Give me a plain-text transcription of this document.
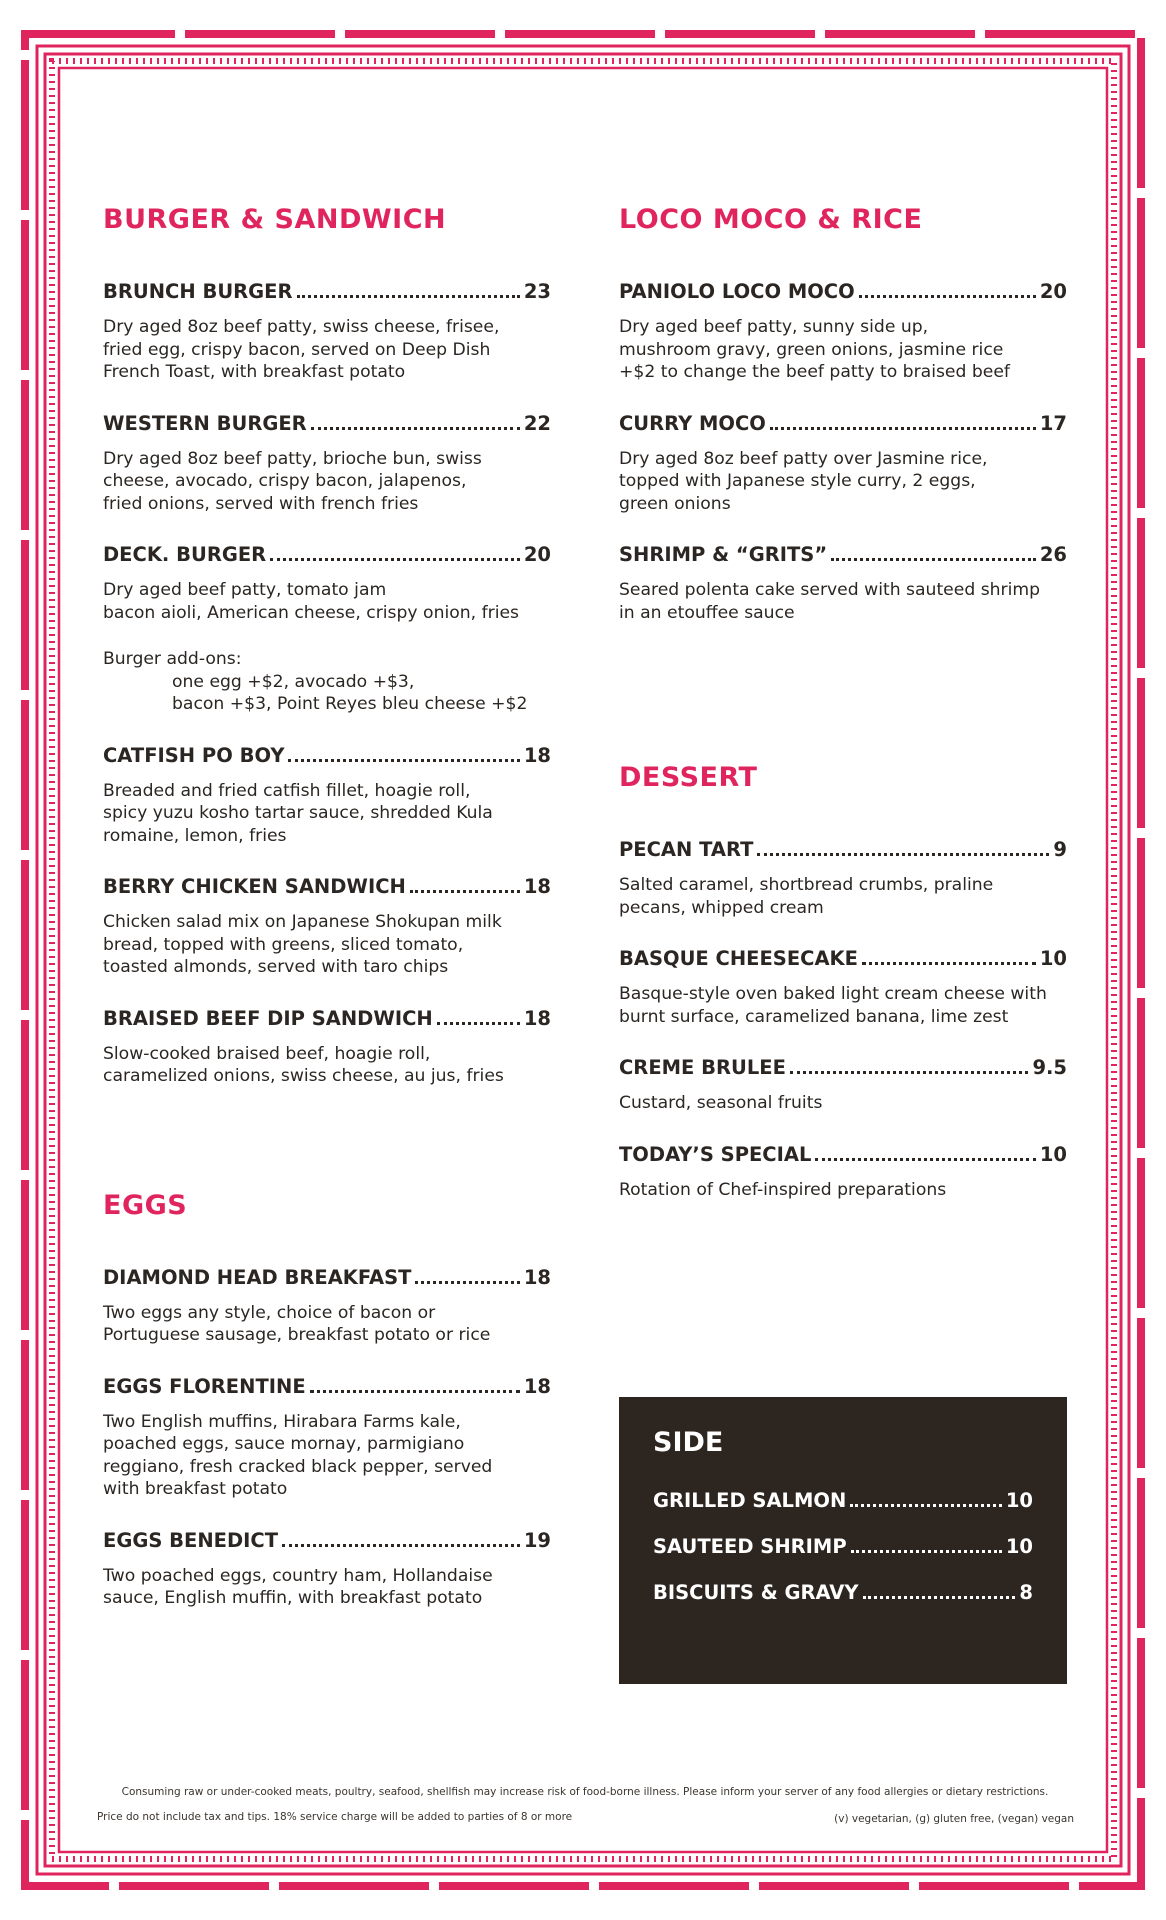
BURGER & SANDWICH
BRUNCH BURGER	23
Dry aged 8oz beef patty, swiss cheese, frisee,
fried egg, crispy bacon, served on Deep Dish
French Toast, with breakfast potato
WESTERN BURGER	22
Dry aged 8oz beef patty, brioche bun, swiss
cheese, avocado, crispy bacon, jalapenos,
fried onions, served with french fries
DECK. BURGER	20
Dry aged beef patty, tomato jam
bacon aioli, American cheese, crispy onion, fries
Burger add-ons:
one egg +$2, avocado +$3,
bacon +$3, Point Reyes bleu cheese +$2
CATFISH PO BOY	18
Breaded and fried catfish fillet, hoagie roll,
spicy yuzu kosho tartar sauce, shredded Kula
romaine, lemon, fries
BERRY CHICKEN SANDWICH	18
Chicken salad mix on Japanese Shokupan milk
bread, topped with greens, sliced tomato,
toasted almonds, served with taro chips
BRAISED BEEF DIP SANDWICH	18
Slow-cooked braised beef, hoagie roll,
caramelized onions, swiss cheese, au jus, fries
EGGS
DIAMOND HEAD BREAKFAST	18
Two eggs any style, choice of bacon or
Portuguese sausage, breakfast potato or rice
EGGS FLORENTINE	18
Two English muffins, Hirabara Farms kale,
poached eggs, sauce mornay, parmigiano
reggiano, fresh cracked black pepper, served
with breakfast potato
EGGS BENEDICT	19
Two poached eggs, country ham, Hollandaise
sauce, English muffin, with breakfast potato
LOCO MOCO & RICE
PANIOLO LOCO MOCO	20
Dry aged beef patty, sunny side up,
mushroom gravy, green onions, jasmine rice
+$2 to change the beef patty to braised beef
CURRY MOCO	17
Dry aged 8oz beef patty over Jasmine rice,
topped with Japanese style curry, 2 eggs,
green onions
SHRIMP & “GRITS”	26
Seared polenta cake served with sauteed shrimp
in an etouffee sauce
DESSERT
PECAN TART	9
Salted caramel, shortbread crumbs, praline
pecans, whipped cream
BASQUE CHEESECAKE	10
Basque-style oven baked light cream cheese with
burnt surface, caramelized banana, lime zest
CREME BRULEE	9.5
Custard, seasonal fruits
TODAY’S SPECIAL	10
Rotation of Chef-inspired preparations
SIDE
GRILLED SALMON	10
SAUTEED SHRIMP	10
BISCUITS & GRAVY	8
Consuming raw or under-cooked meats, poultry, seafood, shellfish may increase risk of food-borne illness. Please inform your server of any food allergies or dietary restrictions.
Price do not include tax and tips. 18% service charge will be added to parties of 8 or more	(v) vegetarian, (g) gluten free, (vegan) vegan
